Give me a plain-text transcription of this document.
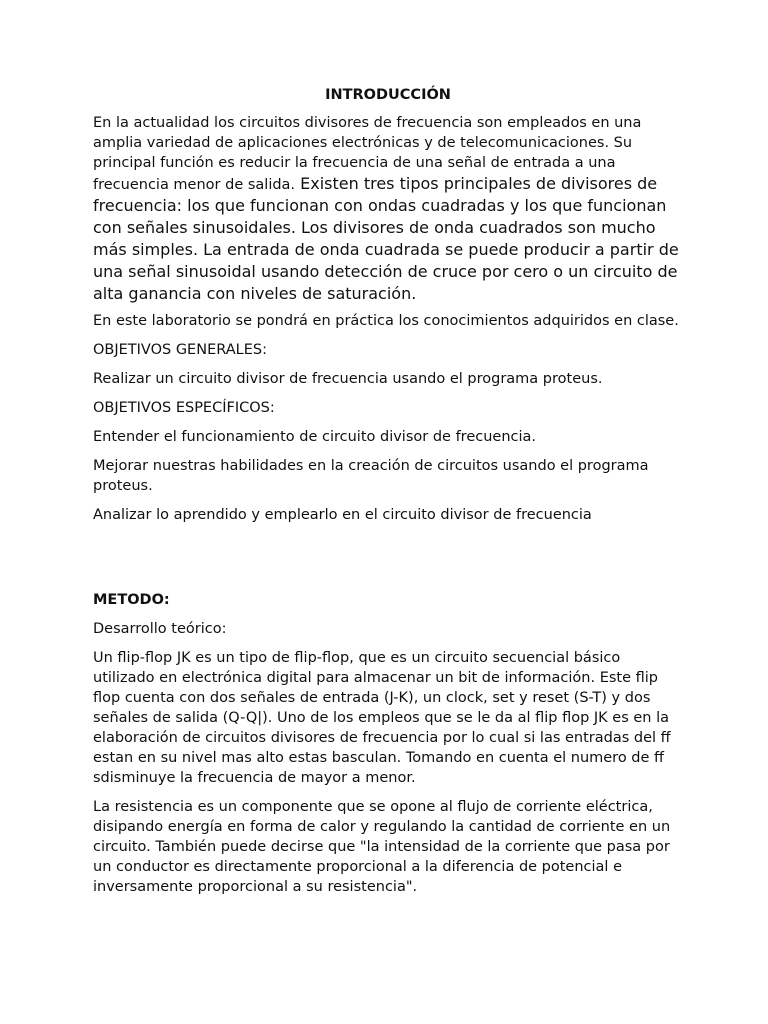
INTRODUCCIÓN

En la actualidad los circuitos divisores de frecuencia son empleados en una amplia variedad de aplicaciones electrónicas y de telecomunicaciones. Su principal función es reducir la frecuencia de una señal de entrada a una frecuencia menor de salida. Existen tres tipos principales de divisores de frecuencia: los que funcionan con ondas cuadradas y los que funcionan con señales sinusoidales. Los divisores de onda cuadrados son mucho más simples. La entrada de onda cuadrada se puede producir a partir de una señal sinusoidal usando detección de cruce por cero o un circuito de alta ganancia con niveles de saturación.

En este laboratorio se pondrá en práctica los conocimientos adquiridos en clase.

OBJETIVOS GENERALES:

Realizar un circuito divisor de frecuencia usando el programa proteus.

OBJETIVOS ESPECÍFICOS:

Entender el funcionamiento de circuito divisor de frecuencia.

Mejorar nuestras habilidades en la creación de circuitos usando el programa proteus.

Analizar lo aprendido y emplearlo en el circuito divisor de frecuencia

METODO:

Desarrollo teórico:

Un flip-flop JK es un tipo de flip-flop, que es un circuito secuencial básico utilizado en electrónica digital para almacenar un bit de información. Este flip flop cuenta con dos señales de entrada (J-K), un clock, set y reset (S-T) y dos señales de salida (Q-Q|). Uno de los empleos que se le da al flip flop JK es en la elaboración de circuitos divisores de frecuencia por lo cual si las entradas del ff estan en su nivel mas alto estas basculan. Tomando en cuenta el numero de ff sdisminuye la frecuencia de mayor a menor.

La resistencia es un componente que se opone al flujo de corriente eléctrica, disipando energía en forma de calor y regulando la cantidad de corriente en un circuito. También puede decirse que "la intensidad de la corriente que pasa por un conductor es directamente proporcional a la diferencia de potencial e inversamente proporcional a su resistencia".
